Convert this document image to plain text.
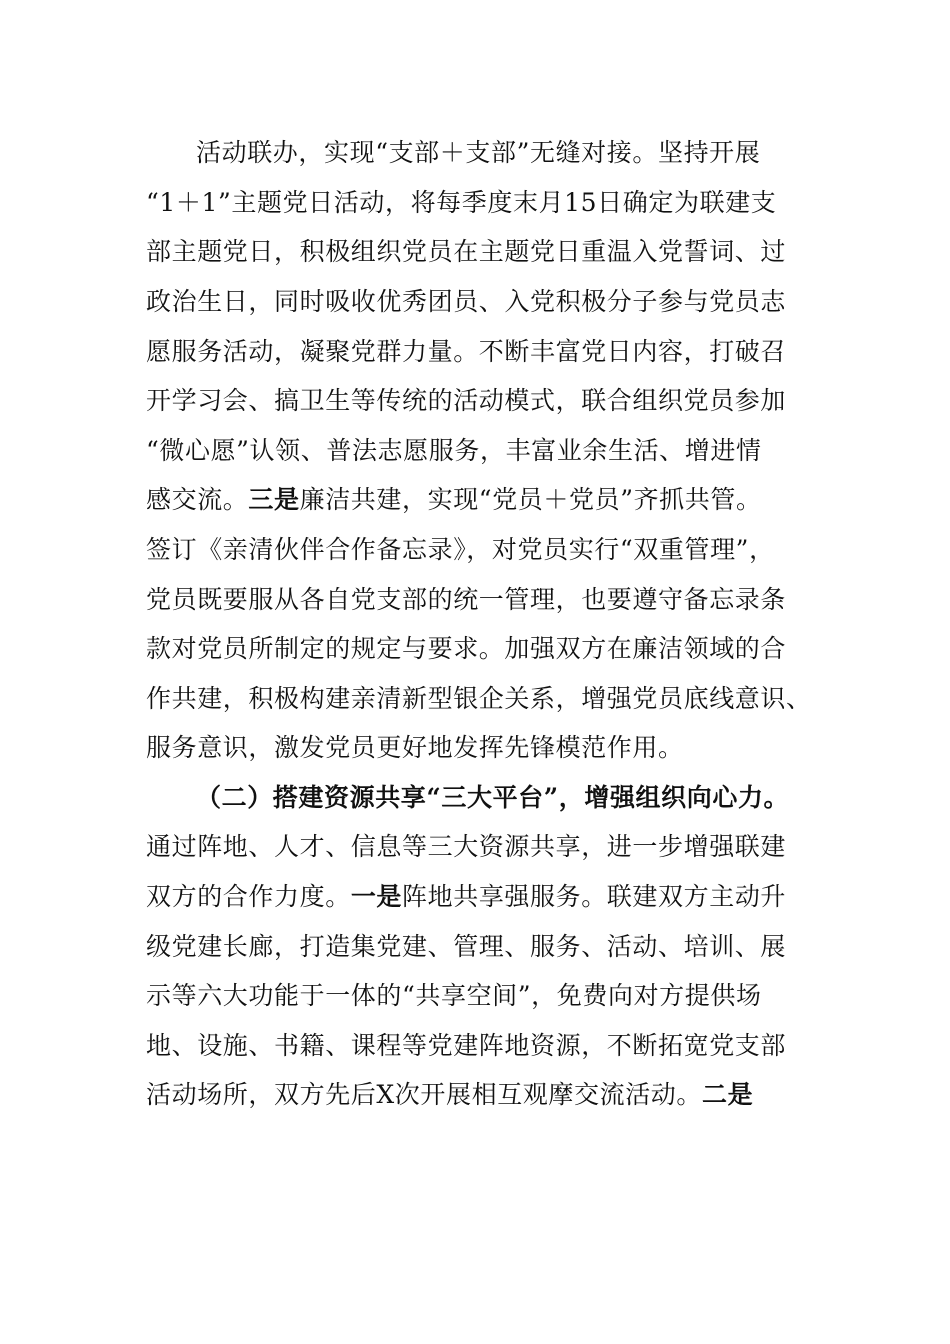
活动联办，实现“支部＋支部”无缝对接。坚持开展
“1＋1”主题党日活动，将每季度末月15日确定为联建支
部主题党日，积极组织党员在主题党日重温入党誓词、过
政治生日，同时吸收优秀团员、入党积极分子参与党员志
愿服务活动，凝聚党群力量。不断丰富党日内容，打破召
开学习会、搞卫生等传统的活动模式，联合组织党员参加
“微心愿”认领、普法志愿服务，丰富业余生活、增进情
感交流。三是廉洁共建，实现“党员＋党员”齐抓共管。
签订《亲清伙伴合作备忘录》，对党员实行“双重管理”，
党员既要服从各自党支部的统一管理，也要遵守备忘录条
款对党员所制定的规定与要求。加强双方在廉洁领域的合
作共建，积极构建亲清新型银企关系，增强党员底线意识、
服务意识，激发党员更好地发挥先锋模范作用。
（二）搭建资源共享“三大平台”，增强组织向心力。
通过阵地、人才、信息等三大资源共享，进一步增强联建
双方的合作力度。一是阵地共享强服务。联建双方主动升
级党建长廊，打造集党建、管理、服务、活动、培训、展
示等六大功能于一体的“共享空间”，免费向对方提供场
地、设施、书籍、课程等党建阵地资源，不断拓宽党支部
活动场所，双方先后X次开展相互观摩交流活动。二是
